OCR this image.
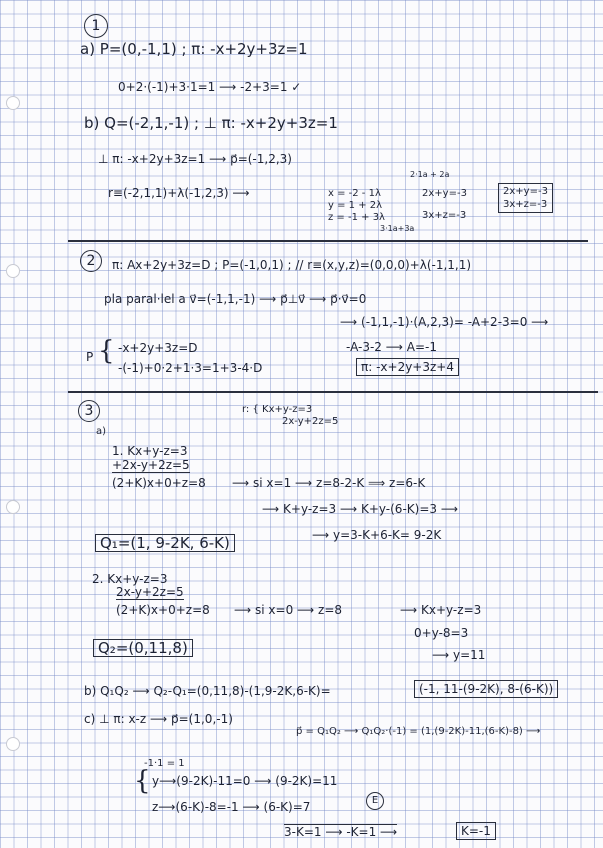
1
a) P=(0,-1,1) ; π: -x+2y+3z=1
0+2·(-1)+3·1=1 ⟶ -2+3=1 ✓
b) Q=(-2,1,-1) ; ⊥ π: -x+2y+3z=1
⊥ π: -x+2y+3z=1 ⟶ p⃗=(-1,2,3)
2·1a + 2a
r≡(-2,1,1)+λ(-1,2,3) ⟶	x = -2 - 1λ
y = 1 + 2λ
z = -1 + 3λ
3·1a+3a
2x+y=-3
3x+z=-3
2x+y=-3
3x+z=-3
2	π: Ax+2y+3z=D ; P=(-1,0,1) ; // r≡(x,y,z)=(0,0,0)+λ(-1,1,1)
pla paral·lel a v⃗=(-1,1,-1) ⟶ p⃗⊥v⃗ ⟶ p⃗·v⃗=0
⟶ (-1,1,-1)·(A,2,3)= -A+2-3=0 ⟶
P { -x+2y+3z=D
-(-1)+0·2+1·3=1+3-4·D
-A-3-2 ⟶ A=-1
π: -x+2y+3z+4
3
a)
r: { Kx+y-z=3
2x-y+2z=5
1. Kx+y-z=3
+2x-y+2z=5
(2+K)x+0+z=8 ⟶ si x=1 ⟶ z=8-2-K ⟹ z=6-K
⟶ K+y-z=3 ⟶ K+y-(6-K)=3 ⟶
⟶ y=3-K+6-K= 9-2K
Q₁=(1, 9-2K, 6-K)
2. Kx+y-z=3
2x-y+2z=5
(2+K)x+0+z=8 ⟶ si x=0 ⟶ z=8	⟶ Kx+y-z=3
0+y-8=3
⟶ y=11
Q₂=(0,11,8)
b) Q₁Q₂ ⟶ Q₂-Q₁=(0,11,8)-(1,9-2K,6-K)=	(-1, 11-(9-2K), 8-(6-K))
c) ⊥ π: x-z ⟶ p⃗=(1,0,-1)
p⃗ = Q₁Q₂ ⟶ Q₁Q₂·(-1) = (1,(9-2K)-11,(6-K)-8) ⟶
-1·1 = 1
{ y⟶(9-2K)-11=0 ⟶ (9-2K)=11
z⟶(6-K)-8=-1 ⟶ (6-K)=7	E
3-K=1 ⟶ -K=1 ⟶	K=-1
